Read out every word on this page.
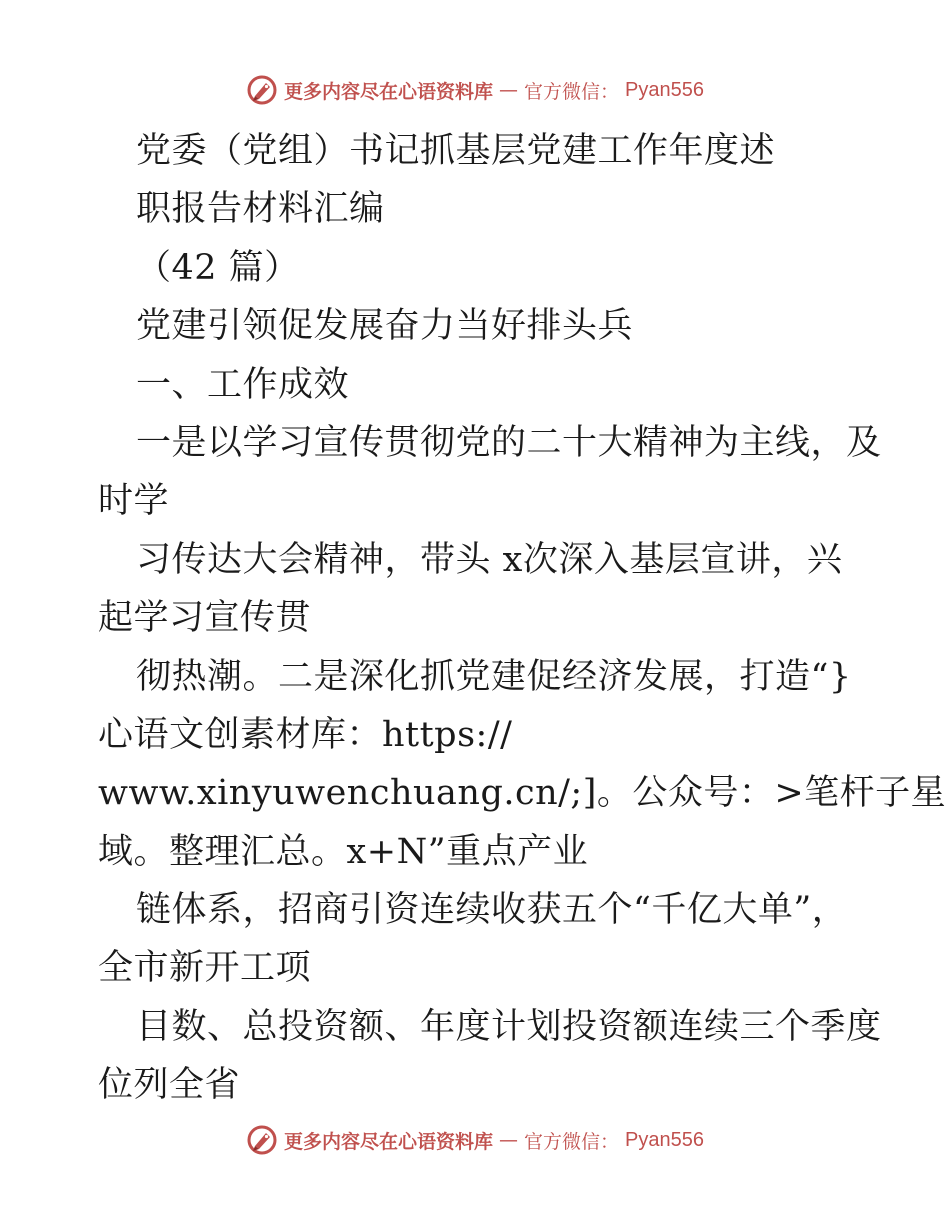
更多内容尽在心语资料库 — 官方微信： Pyan556
党委（党组）书记抓基层党建工作年度述
职报告材料汇编
（42 篇）
党建引领促发展奋力当好排头兵
一、工作成效
一是以学习宣传贯彻党的二十大精神为主线，及
时学
习传达大会精神，带头 x次深入基层宣讲，兴
起学习宣传贯
彻热潮。二是深化抓党建促经济发展，打造“}
心语文创素材库：https://
www.xinyuwenchuang.cn/;]。公众号：>笔杆子星
域。整理汇总。x+N”重点产业
链体系，招商引资连续收获五个“千亿大单”，
全市新开工项
目数、总投资额、年度计划投资额连续三个季度
位列全省
更多内容尽在心语资料库 — 官方微信： Pyan556
